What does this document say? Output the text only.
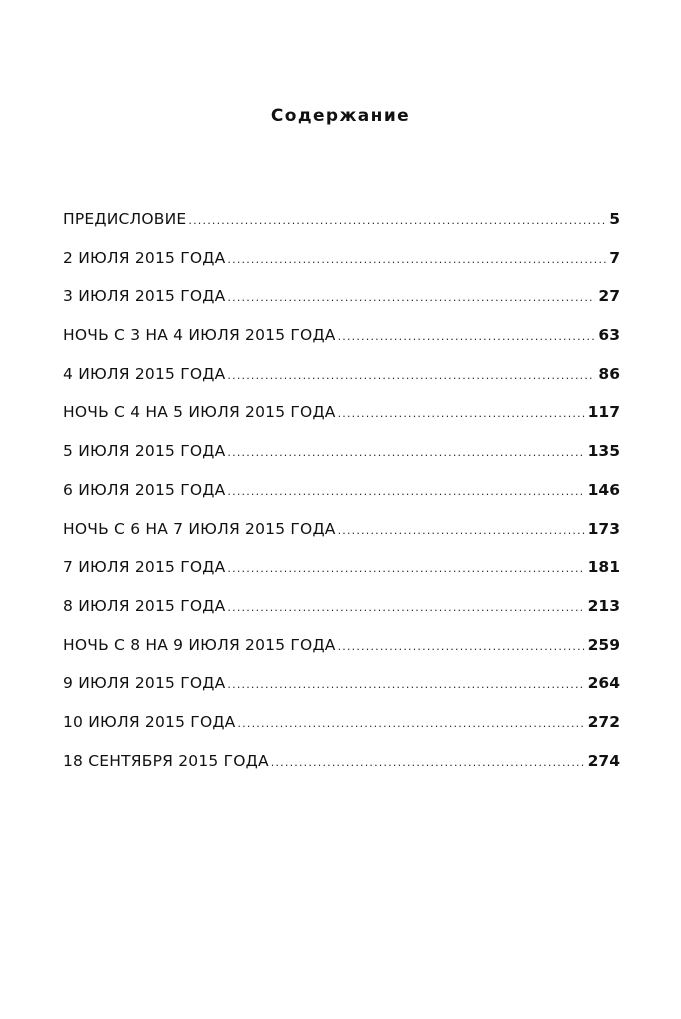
Содержание
ПРЕДИСЛОВИЕ .....	5
2 ИЮЛЯ 2015 ГОДА .....	7
3 ИЮЛЯ 2015 ГОДА .....	27
НОЧЬ С 3 НА 4 ИЮЛЯ 2015 ГОДА .....	63
4 ИЮЛЯ 2015 ГОДА .....	86
НОЧЬ С 4 НА 5 ИЮЛЯ 2015 ГОДА .....	117
5 ИЮЛЯ 2015 ГОДА .....	135
6 ИЮЛЯ 2015 ГОДА .....	146
НОЧЬ С 6 НА 7 ИЮЛЯ 2015 ГОДА .....	173
7 ИЮЛЯ 2015 ГОДА .....	181
8 ИЮЛЯ 2015 ГОДА .....	213
НОЧЬ С 8 НА 9 ИЮЛЯ 2015 ГОДА .....	259
9 ИЮЛЯ 2015 ГОДА .....	264
10 ИЮЛЯ 2015 ГОДА .....	272
18 СЕНТЯБРЯ 2015 ГОДА .....	274
